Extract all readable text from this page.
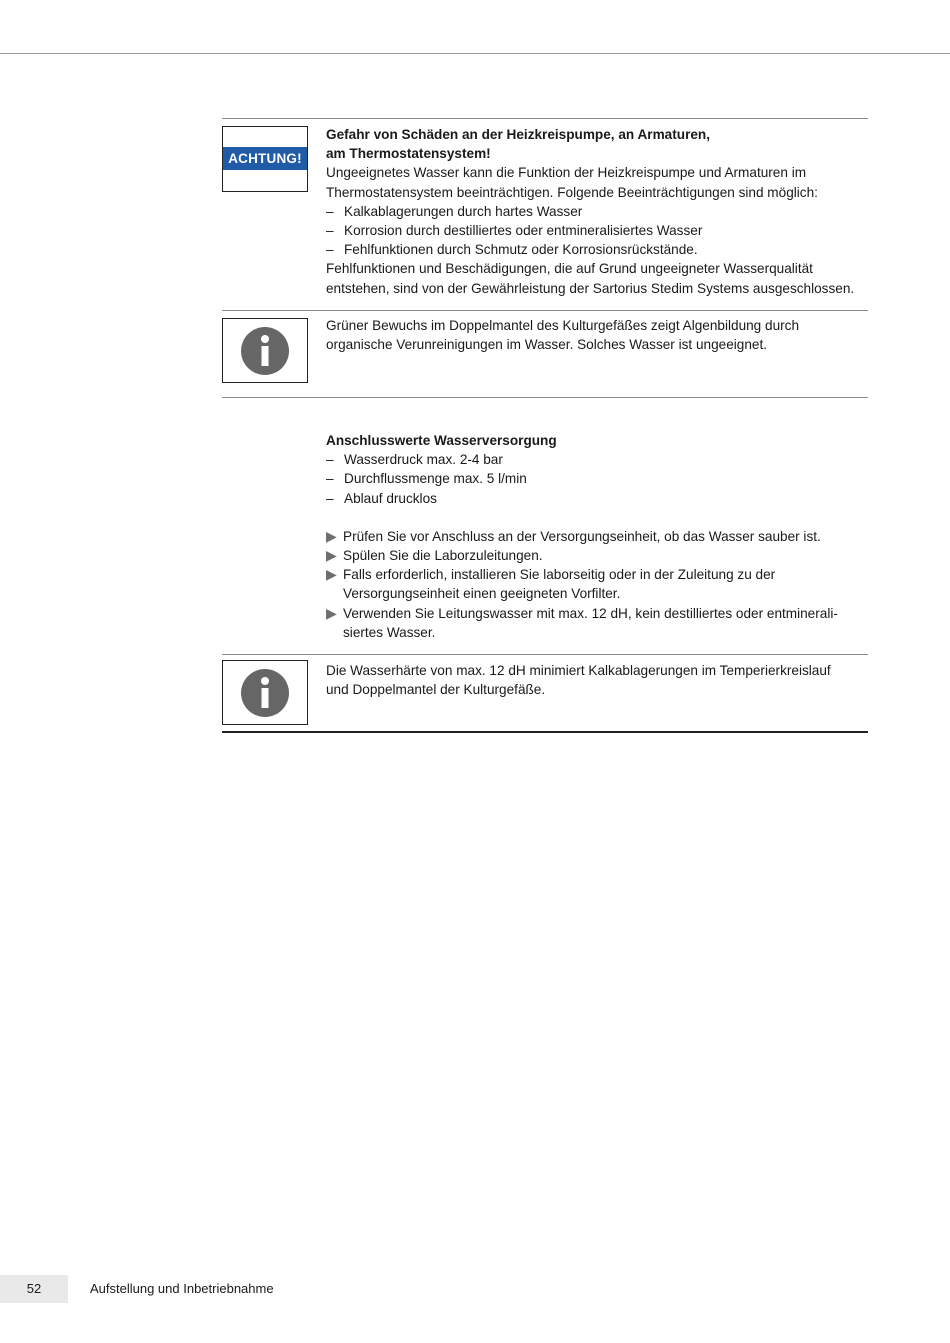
ACHTUNG!

Gefahr von Schäden an der Heizkreispumpe, an Armaturen,

am Thermostatensystem!

Ungeeignetes Wasser kann die Funktion der Heizkreispumpe und Armaturen im

Thermostatensystem beeinträchtigen. Folgende Beeinträchtigungen sind möglich:

– Kalkablagerungen durch hartes Wasser
– Korrosion durch destilliertes oder entmineralisiertes Wasser
– Fehlfunktionen durch Schmutz oder Korrosionsrückstände.

Fehlfunktionen und Beschädigungen, die auf Grund ungeeigneter Wasserqualität

entstehen, sind von der Gewährleistung der Sartorius Stedim Systems ausgeschlossen.

Grüner Bewuchs im Doppelmantel des Kulturgefäßes zeigt Algenbildung durch

organische Verunreinigungen im Wasser. Solches Wasser ist ungeeignet.

Anschlusswerte Wasserversorgung

– Wasserdruck max. 2-4 bar
– Durchflussmenge max. 5 l/min
– Ablauf drucklos
▶ Prüfen Sie vor Anschluss an der Versorgungseinheit, ob das Wasser sauber ist.
▶ Spülen Sie die Laborzuleitungen.
▶ Falls erforderlich, installieren Sie laborseitig oder in der Zuleitung zu der
Versorgungseinheit einen geeigneten Vorfilter.
▶ Verwenden Sie Leitungswasser mit max. 12 dH, kein destilliertes oder entminerali-
siertes Wasser.

Die Wasserhärte von max. 12 dH minimiert Kalkablagerungen im Temperierkreislauf

und Doppelmantel der Kulturgefäße.

52	Aufstellung und Inbetriebnahme
